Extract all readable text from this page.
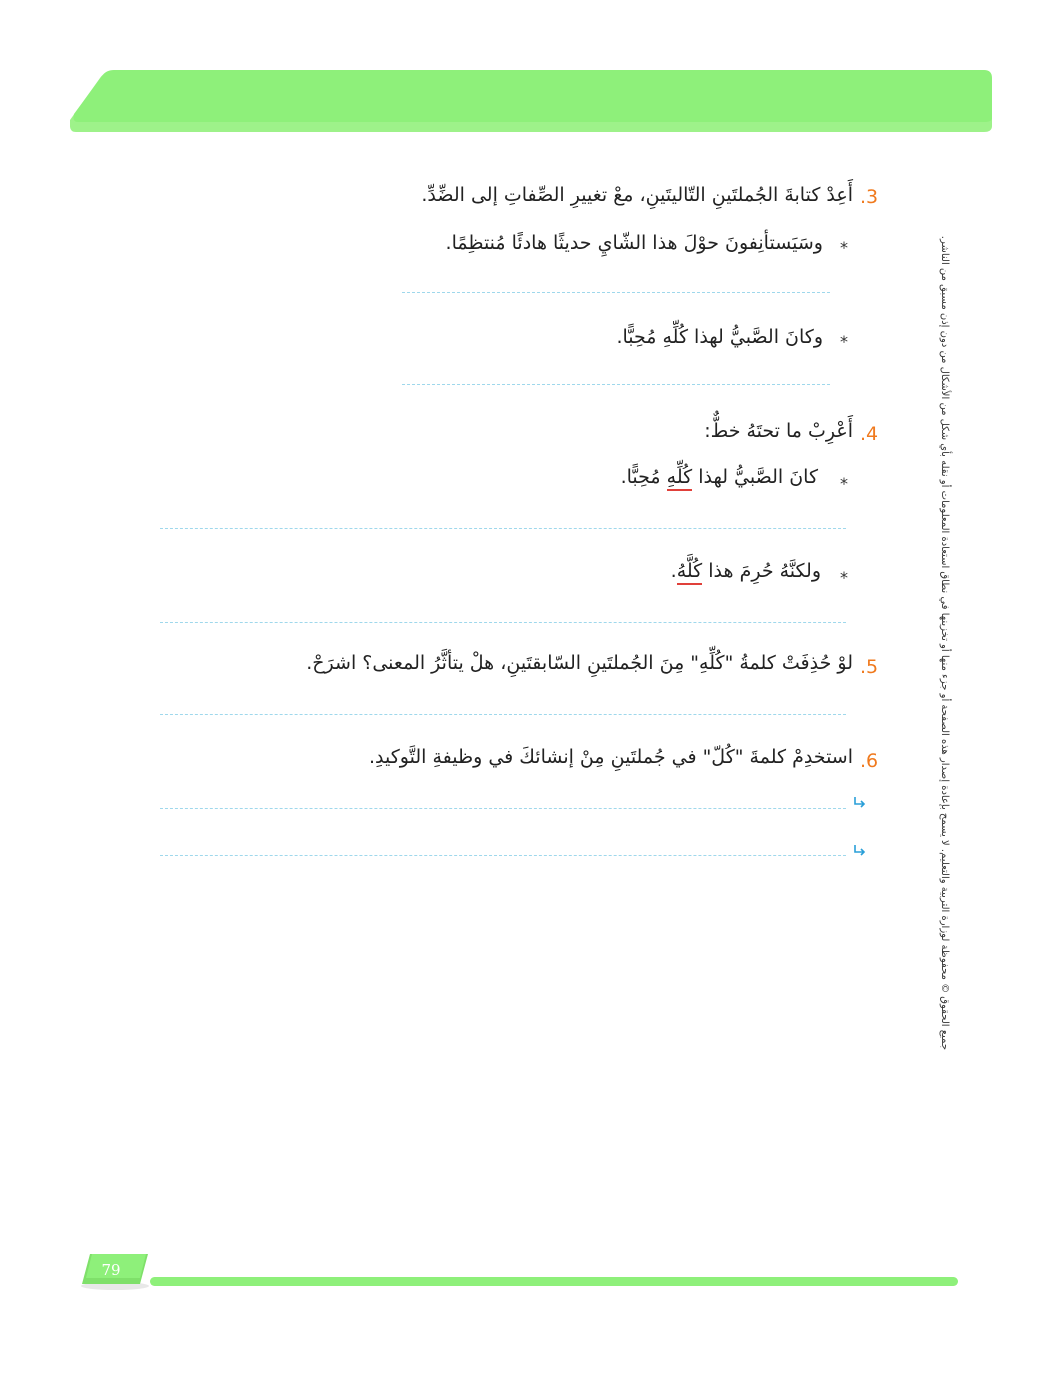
.3
أَعِدْ كتابةَ الجُملتَينِ التّاليتَينِ، معْ تغييرِ الصِّفاتِ إلى الضِّدِّ.
*
وسَيَستأنِفونَ حوْلَ هذا الشّايِ حديثًا هادئًا مُنتظِمًا.
*
وكانَ الصَّبيُّ لهذا كُلِّهِ مُحِبًّا.
.4
أَعْرِبْ ما تحتَهُ خطٌّ:
*
كانَ الصَّبيُّ لهذا كُلِّهِ مُحِبًّا.
*
ولكنَّهُ حُرِمَ هذا كُلَّهُ.
.5
لوْ حُذِفَتْ كلمةُ "كُلِّهِ" مِنَ الجُملتَينِ السّابقتَينِ، هلْ يتأثَّرُ المعنى؟ اشرَحْ.
.6
استخدِمْ كلمةَ "كُلّ" في جُملتَينِ مِنْ إنشائكَ في وظيفةِ التَّوكيدِ.	جميع الحقوق © محفوظة لوزارة التربية والتعليم. لا يسمح بإعادة إصدار هذه الصفحة أو جزء منها أو تخزينها في نطاق استعادة المعلومات أو نقله بأي شكل من الأشكال من دون إذن مسبق من الناشر.
79
